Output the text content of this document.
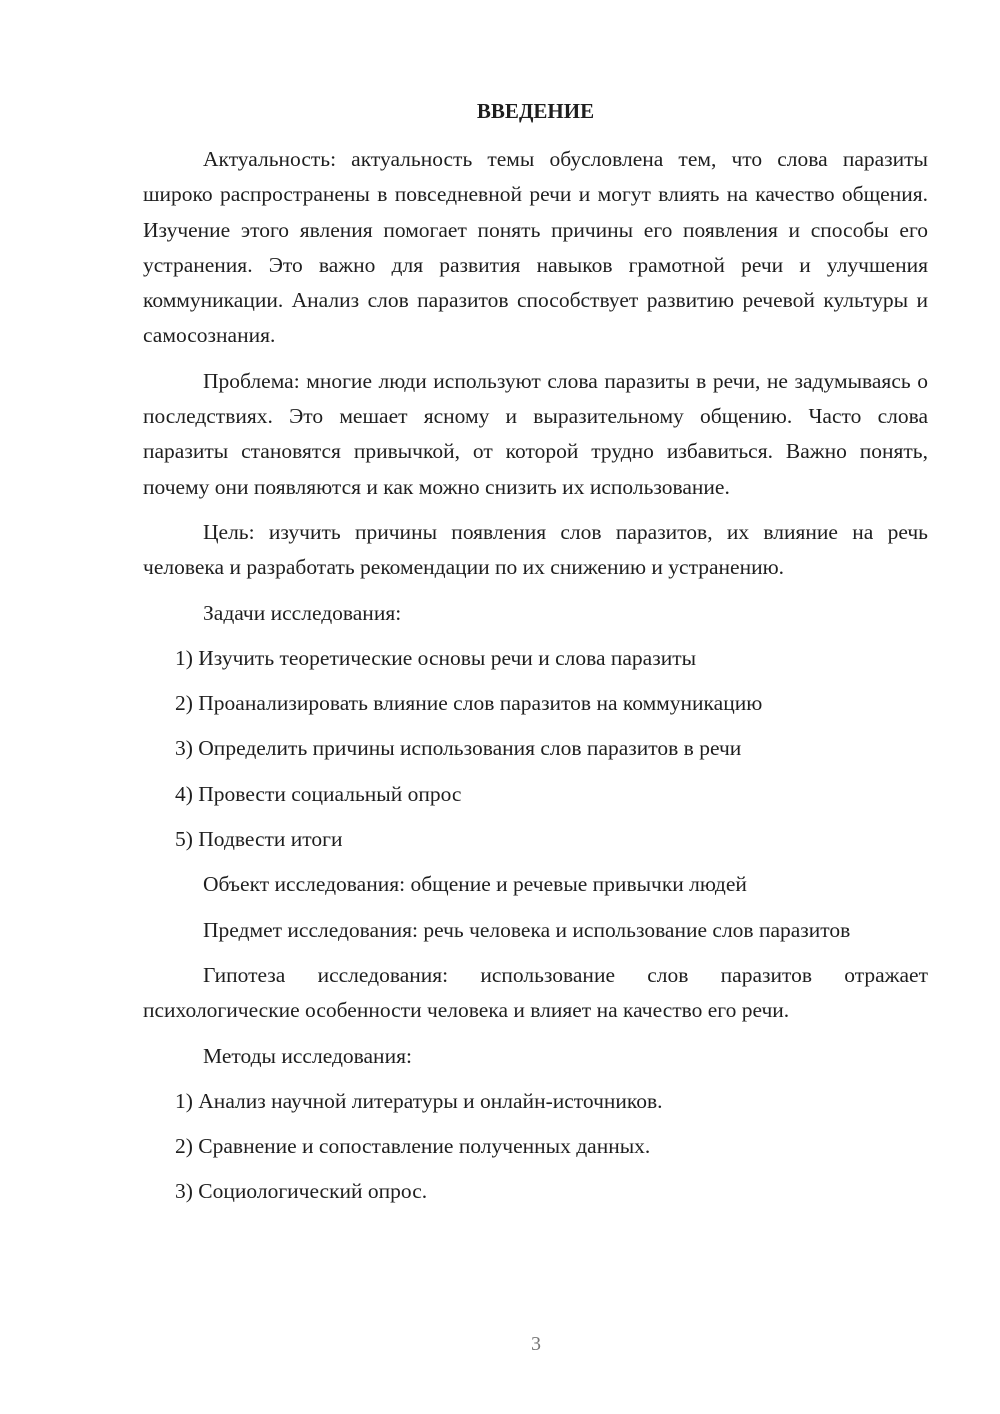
ВВЕДЕНИЕ

Актуальность: актуальность темы обусловлена тем, что слова паразиты широко распространены в повседневной речи и могут влиять на качество общения. Изучение этого явления помогает понять причины его появления и способы его устранения. Это важно для развития навыков грамотной речи и улучшения коммуникации. Анализ слов паразитов способствует развитию речевой культуры и самосознания.

Проблема: многие люди используют слова паразиты в речи, не задумываясь о последствиях. Это мешает ясному и выразительному общению. Часто слова паразиты становятся привычкой, от которой трудно избавиться. Важно понять, почему они появляются и как можно снизить их использование.

Цель: изучить причины появления слов паразитов, их влияние на речь человека и разработать рекомендации по их снижению и устранению.

Задачи исследования:

1) Изучить теоретические основы речи и слова паразиты
2) Проанализировать влияние слов паразитов на коммуникацию
3) Определить причины использования слов паразитов в речи
4) Провести социальный опрос
5) Подвести итоги

Объект исследования: общение и речевые привычки людей

Предмет исследования: речь человека и использование слов паразитов

Гипотеза исследования: использование слов паразитов отражает психологические особенности человека и влияет на качество его речи.

Методы исследования:

1) Анализ научной литературы и онлайн-источников.
2) Сравнение и сопоставление полученных данных.
3) Социологический опрос.
3
